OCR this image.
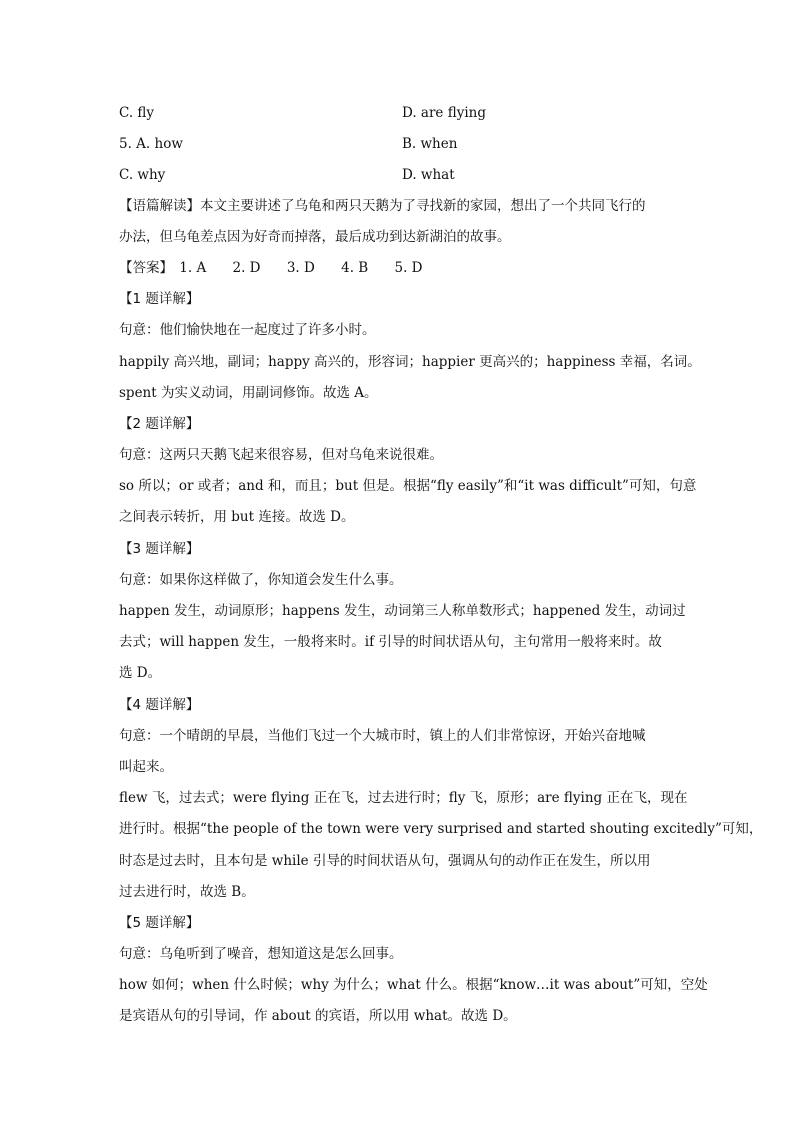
C. fly	D. are flying
5. A. how	B. when
C. why	D. what
【语篇解读】本文主要讲述了乌龟和两只天鹅为了寻找新的家园，想出了一个共同飞行的
办法，但乌龟差点因为好奇而掉落，最后成功到达新湖泊的故事。
【答案】 1. A 2. D 3. D 4. B 5. D
【1 题详解】
句意：他们愉快地在一起度过了许多小时。
happily 高兴地，副词；happy 高兴的，形容词；happier 更高兴的；happiness 幸福，名词。
spent 为实义动词，用副词修饰。故选 A。
【2 题详解】
句意：这两只天鹅飞起来很容易，但对乌龟来说很难。
so 所以；or 或者；and 和，而且；but 但是。根据“fly easily”和“it was difficult”可知，句意
之间表示转折，用 but 连接。故选 D。
【3 题详解】
句意：如果你这样做了，你知道会发生什么事。
happen 发生，动词原形；happens 发生，动词第三人称单数形式；happened 发生，动词过
去式；will happen 发生，一般将来时。if 引导的时间状语从句，主句常用一般将来时。故
选 D。
【4 题详解】
句意：一个晴朗的早晨，当他们飞过一个大城市时，镇上的人们非常惊讶，开始兴奋地喊
叫起来。
flew 飞，过去式；were flying 正在飞，过去进行时；fly 飞，原形；are flying 正在飞，现在
进行时。根据“the people of the town were very surprised and started shouting excitedly”可知，
时态是过去时，且本句是 while 引导的时间状语从句，强调从句的动作正在发生，所以用
过去进行时，故选 B。
【5 题详解】
句意：乌龟听到了噪音，想知道这是怎么回事。
how 如何；when 什么时候；why 为什么；what 什么。根据“know…it was about”可知，空处
是宾语从句的引导词，作 about 的宾语，所以用 what。故选 D。
